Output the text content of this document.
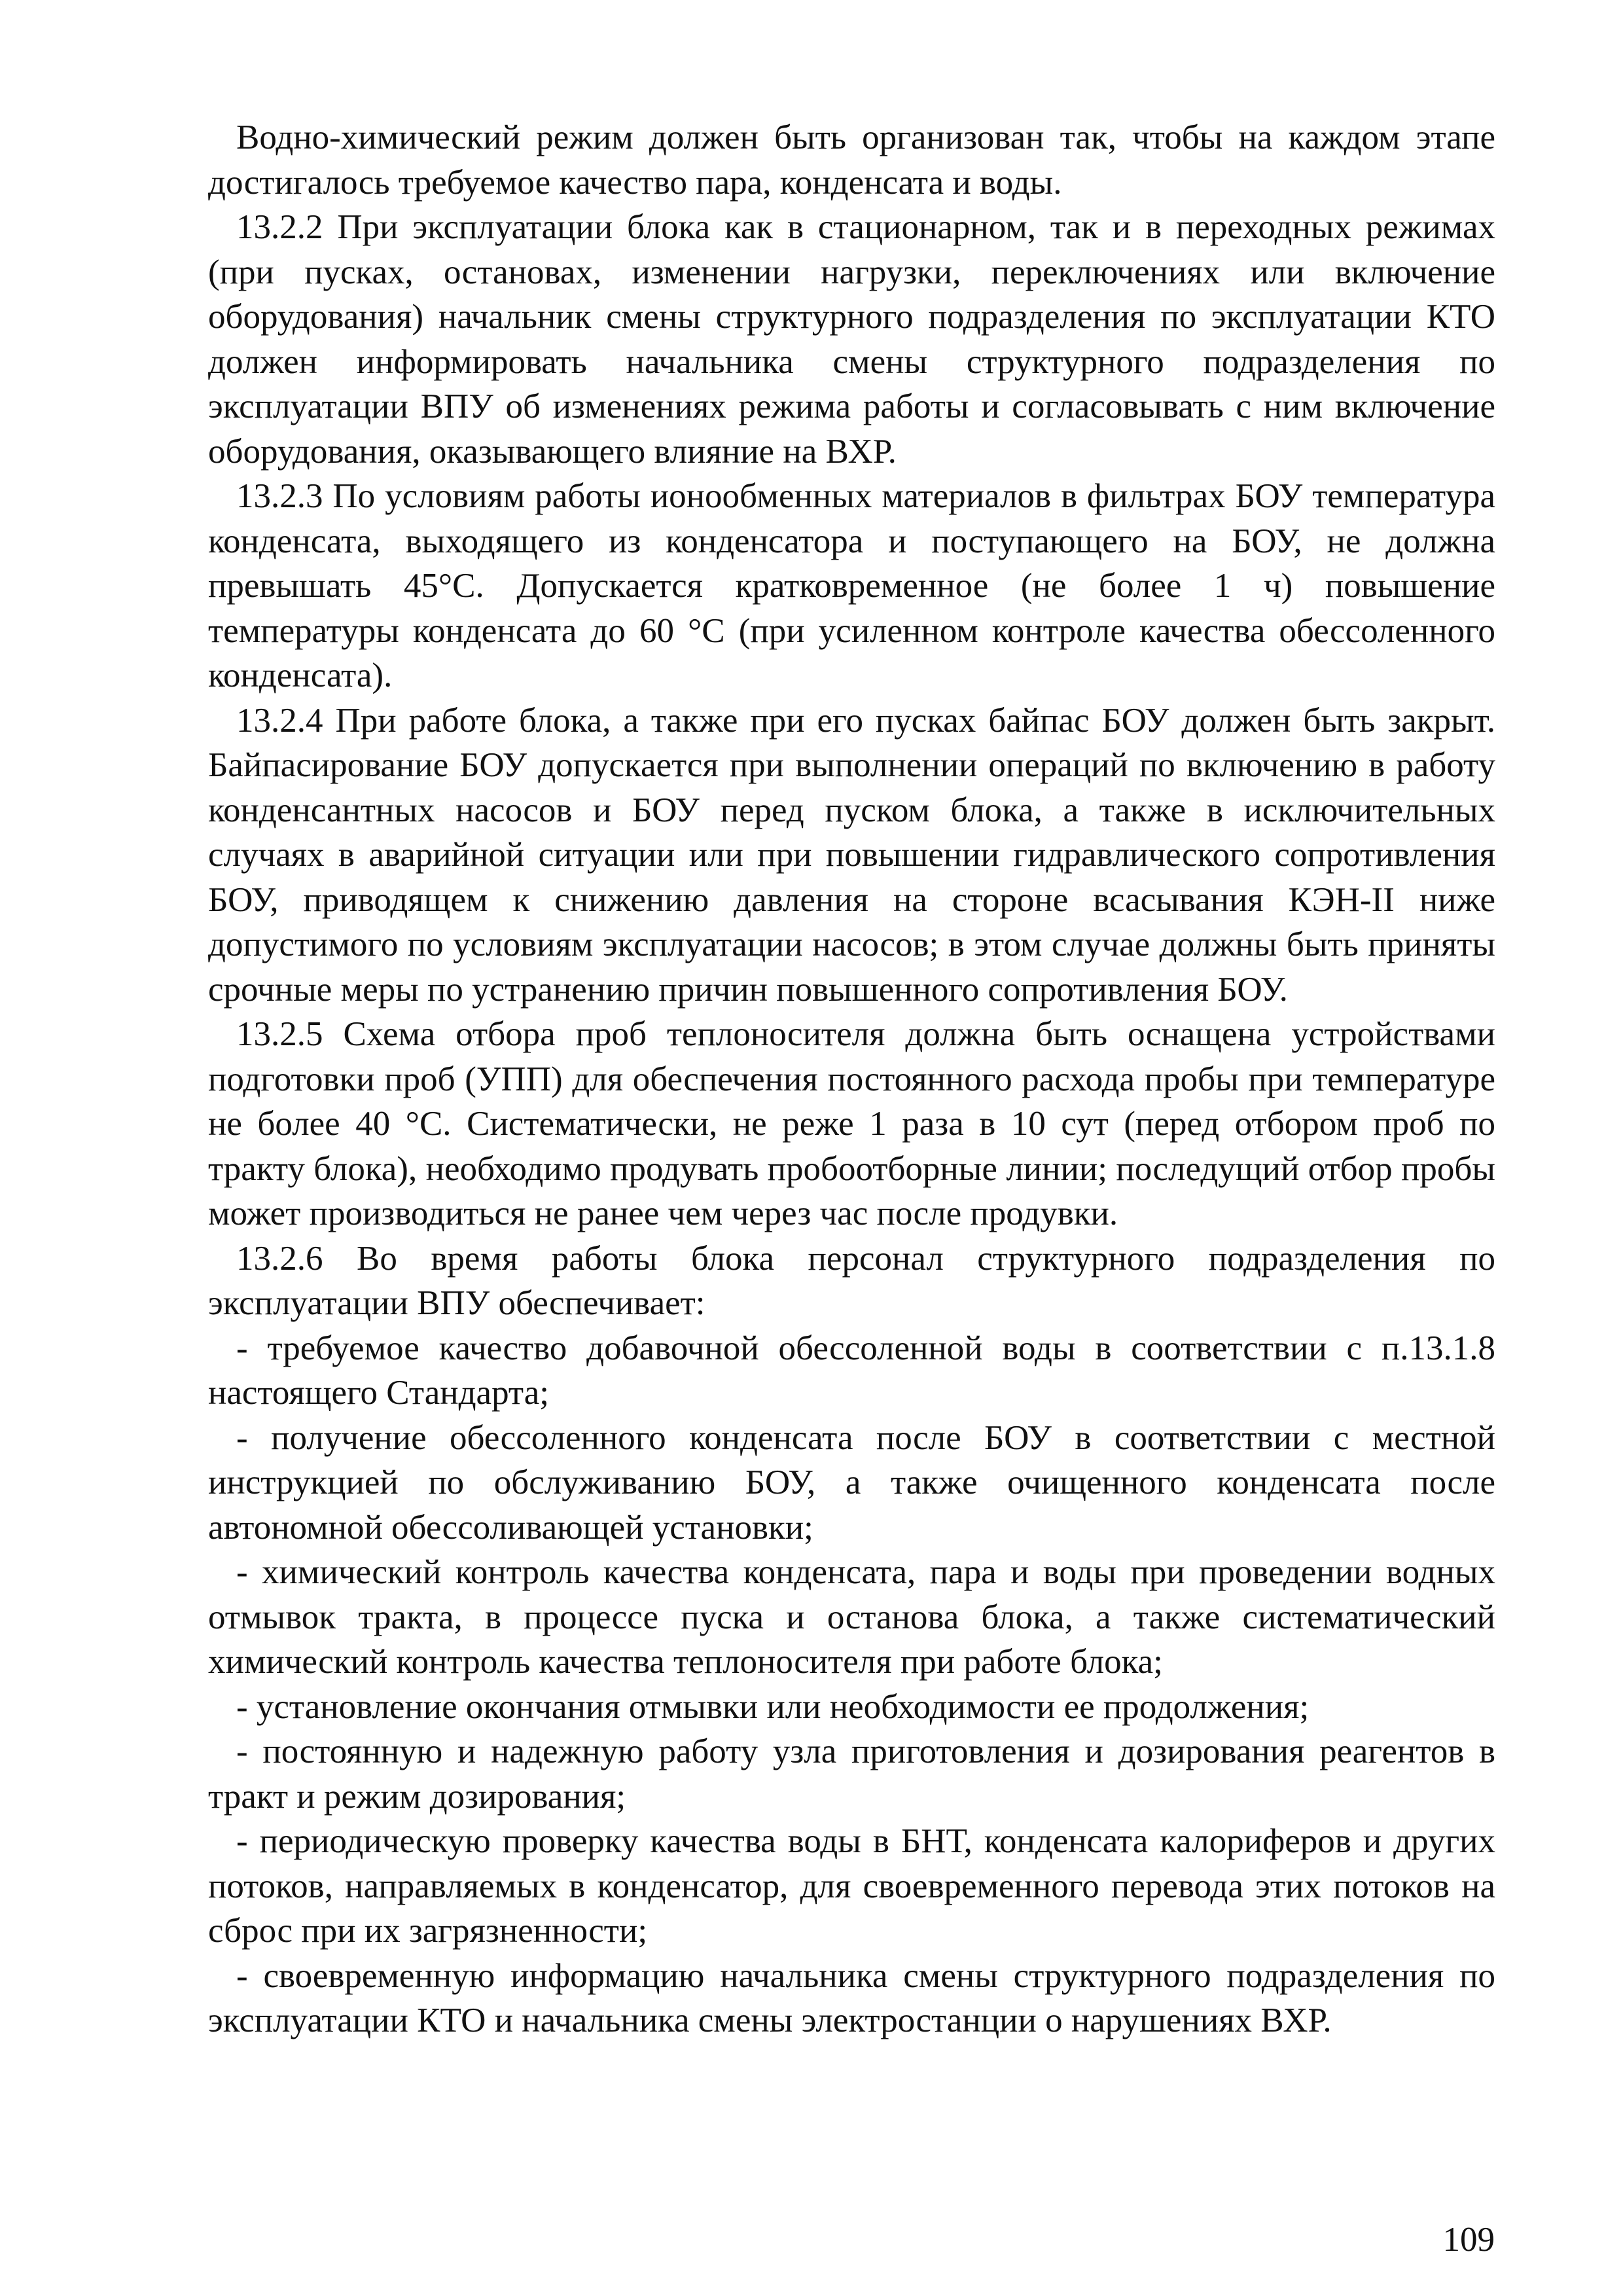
Водно-химический режим должен быть организован так, чтобы на каждом этапе достигалось требуемое качество пара, конденсата и воды.

13.2.2 При эксплуатации блока как в стационарном, так и в переходных режимах (при пусках, остановах, изменении нагрузки, переключениях или включение оборудования) начальник смены структурного подразделения по эксплуатации КТО должен информировать начальника смены структурного подразделения по эксплуатации ВПУ об изменениях режима работы и согласовывать с ним включение оборудования, оказывающего влияние на ВХР.

13.2.3 По условиям работы ионообменных материалов в фильтрах БОУ температура конденсата, выходящего из конденсатора и поступающего на БОУ, не должна превышать 45°С. Допускается кратковременное (не более 1 ч) повышение температуры конденсата до 60 °С (при усиленном контроле качества обессоленного конденсата).

13.2.4 При работе блока, а также при его пусках байпас БОУ должен быть закрыт. Байпасирование БОУ допускается при выполнении операций по включению в работу конденсантных насосов и БОУ перед пуском блока, а также в исключительных случаях в аварийной ситуации или при повышении гидравлического сопротивления БОУ, приводящем к снижению давления на стороне всасывания КЭН-II ниже допустимого по условиям эксплуатации насосов; в этом случае должны быть приняты срочные меры по устранению причин повышенного сопротивления БОУ.

13.2.5 Схема отбора проб теплоносителя должна быть оснащена устройствами подготовки проб (УПП) для обеспечения постоянного расхода пробы при температуре не более 40 °С. Систематически, не реже 1 раза в 10 сут (перед отбором проб по тракту блока), необходимо продувать пробоотборные линии; последущий отбор пробы может производиться не ранее чем через час после продувки.

13.2.6 Во время работы блока персонал структурного подразделения по эксплуатации ВПУ обеспечивает:

- требуемое качество добавочной обессоленной воды в соответствии с п.13.1.8 настоящего Стандарта;

- получение обессоленного конденсата после БОУ в соответствии с местной инструкцией по обслуживанию БОУ, а также очищенного конденсата после автономной обессоливающей установки;

- химический контроль качества конденсата, пара и воды при проведении водных отмывок тракта, в процессе пуска и останова блока, а также систематический химический контроль качества теплоносителя при работе блока;

- установление окончания отмывки или необходимости ее продолжения;

- постоянную и надежную работу узла приготовления и дозирования реагентов в тракт и режим дозирования;

- периодическую проверку качества воды в БНТ, конденсата калориферов и других потоков, направляемых в конденсатор, для своевременного перевода этих потоков на сброс при их загрязненности;

- своевременную информацию начальника смены структурного подразделения по эксплуатации КТО и начальника смены электростанции о нарушениях ВХР.

109
